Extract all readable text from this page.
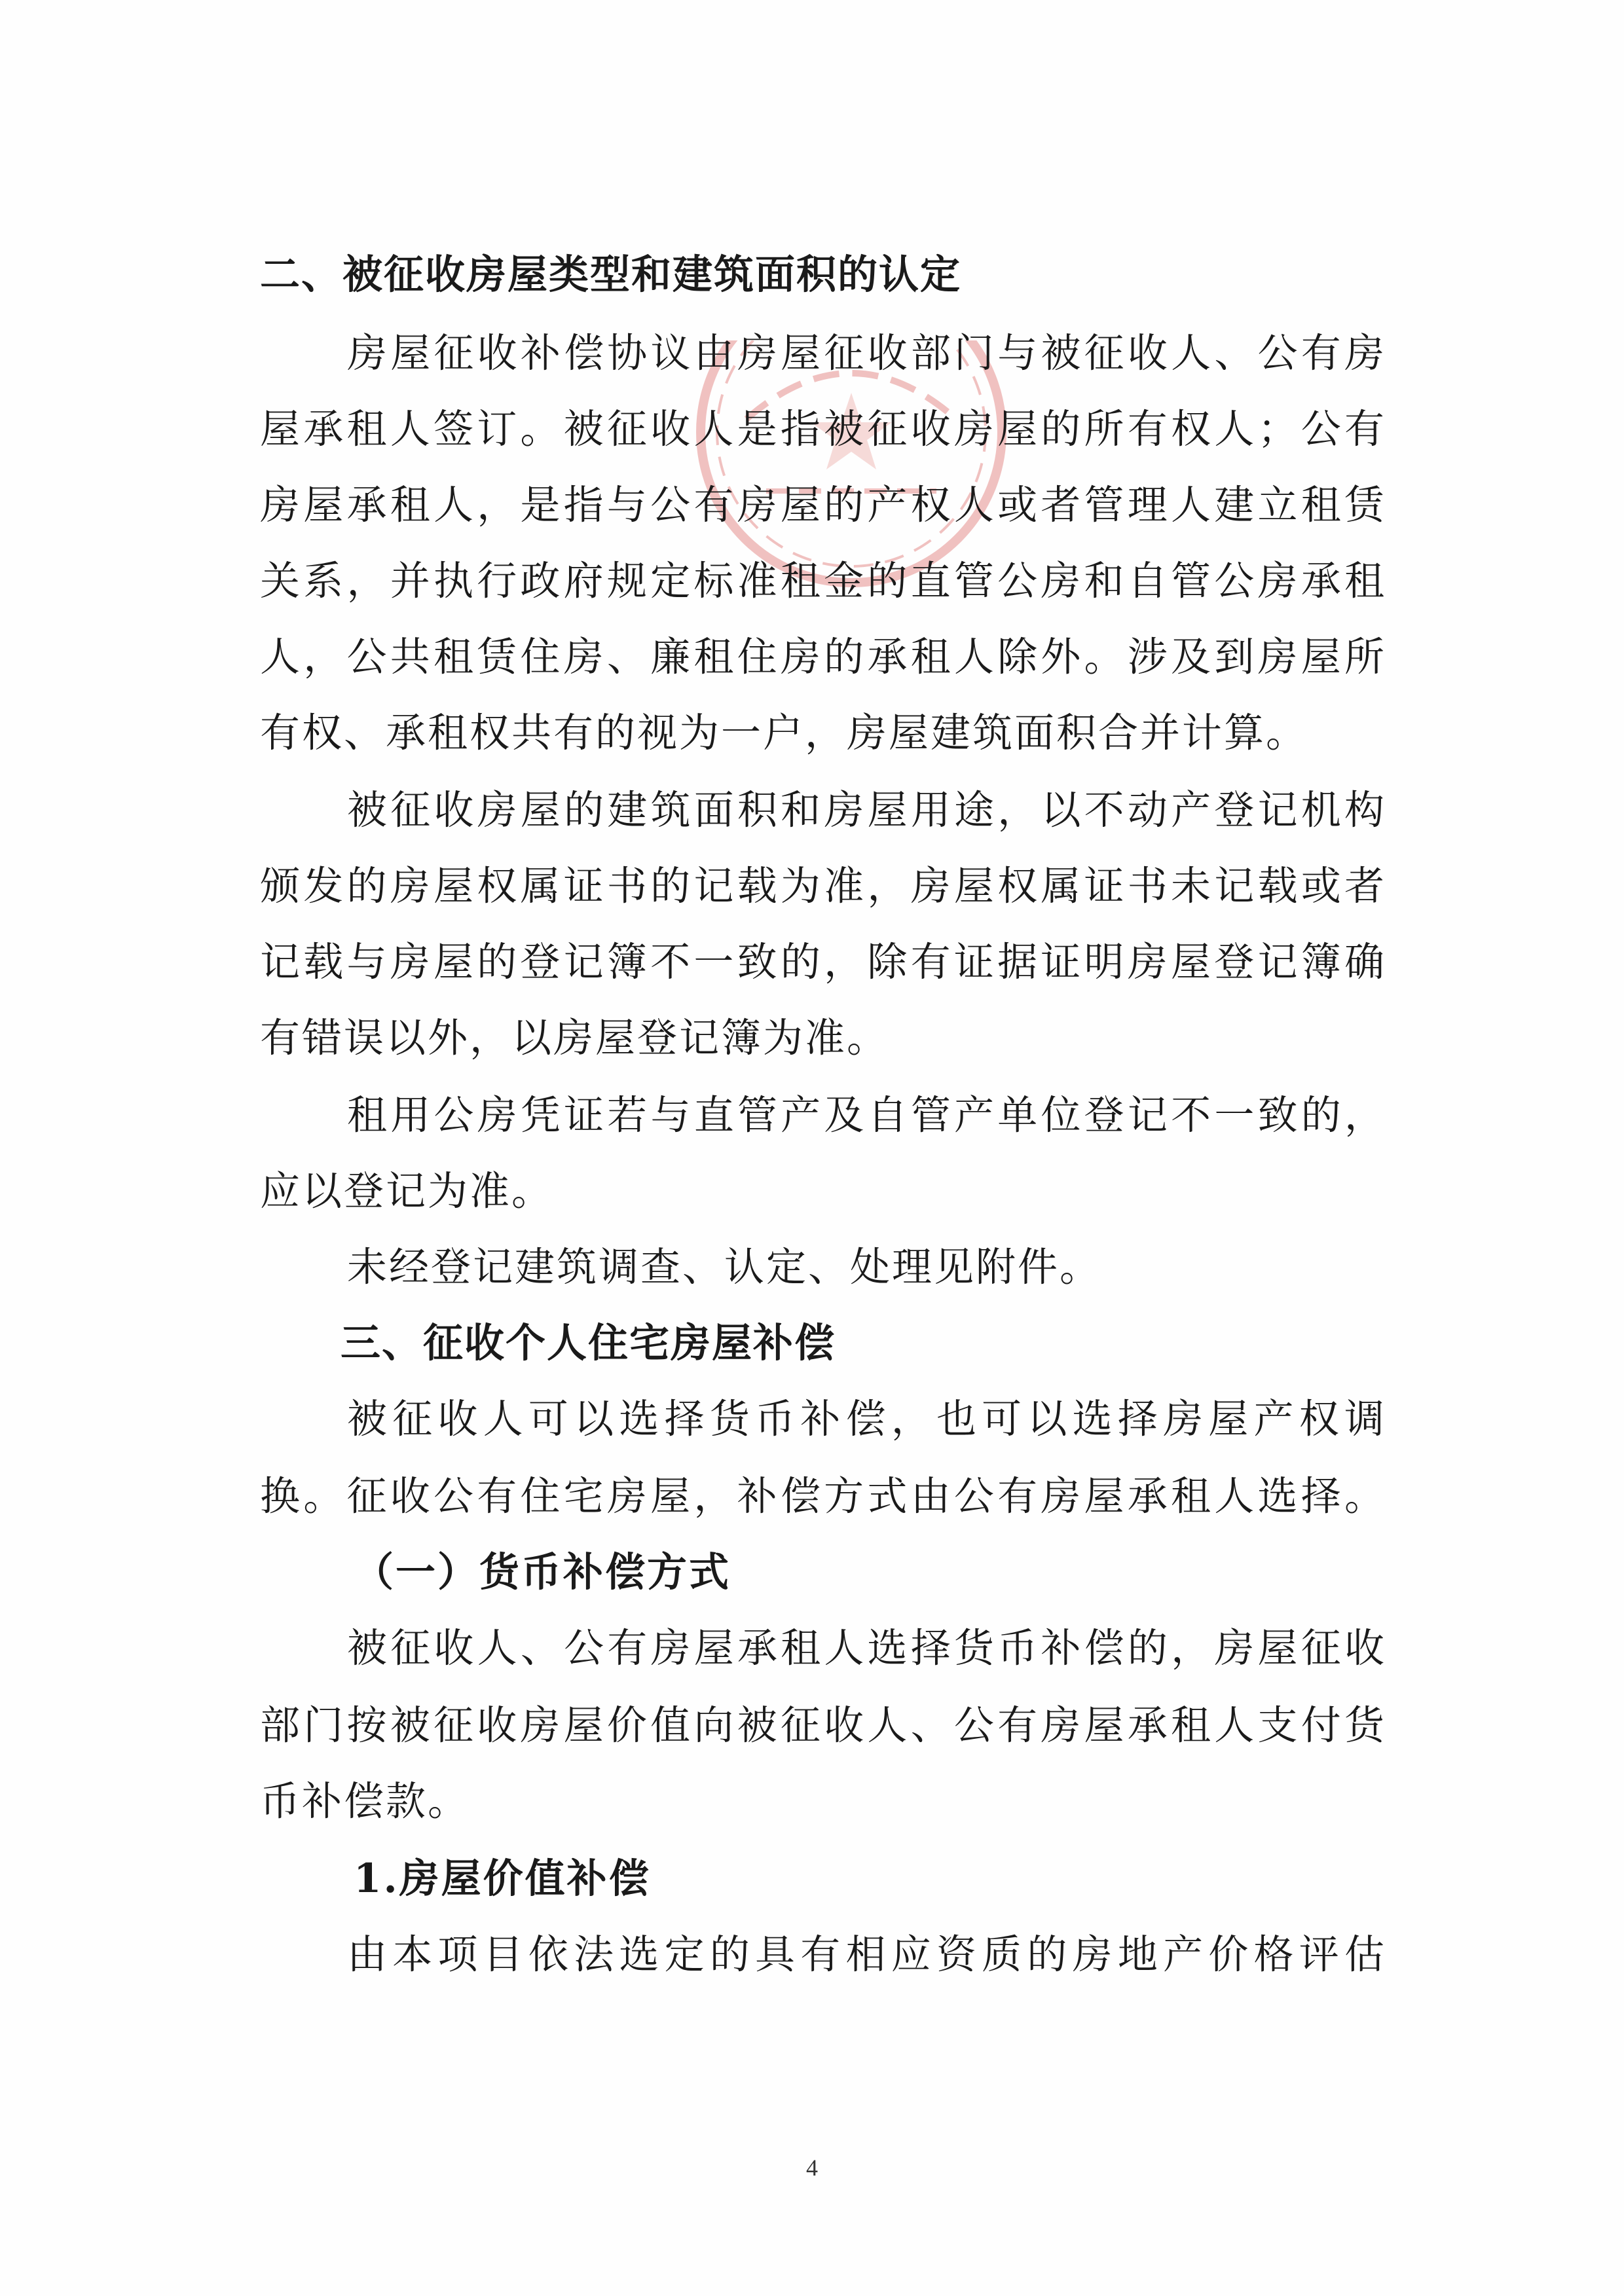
二、被征收房屋类型和建筑面积的认定
房屋征收补偿协议由房屋征收部门与被征收人、公有房
屋承租人签订。被征收人是指被征收房屋的所有权人；公有
房屋承租人，是指与公有房屋的产权人或者管理人建立租赁
关系，并执行政府规定标准租金的直管公房和自管公房承租
人，公共租赁住房、廉租住房的承租人除外。涉及到房屋所
有权、承租权共有的视为一户，房屋建筑面积合并计算。
被征收房屋的建筑面积和房屋用途，以不动产登记机构
颁发的房屋权属证书的记载为准，房屋权属证书未记载或者
记载与房屋的登记簿不一致的，除有证据证明房屋登记簿确
有错误以外，以房屋登记簿为准。
租用公房凭证若与直管产及自管产单位登记不一致的，
应以登记为准。
未经登记建筑调查、认定、处理见附件。
三、征收个人住宅房屋补偿
被征收人可以选择货币补偿，也可以选择房屋产权调
换。征收公有住宅房屋，补偿方式由公有房屋承租人选择。
（一）货币补偿方式
被征收人、公有房屋承租人选择货币补偿的，房屋征收
部门按被征收房屋价值向被征收人、公有房屋承租人支付货
币补偿款。
1.房屋价值补偿
由本项目依法选定的具有相应资质的房地产价格评估
4
